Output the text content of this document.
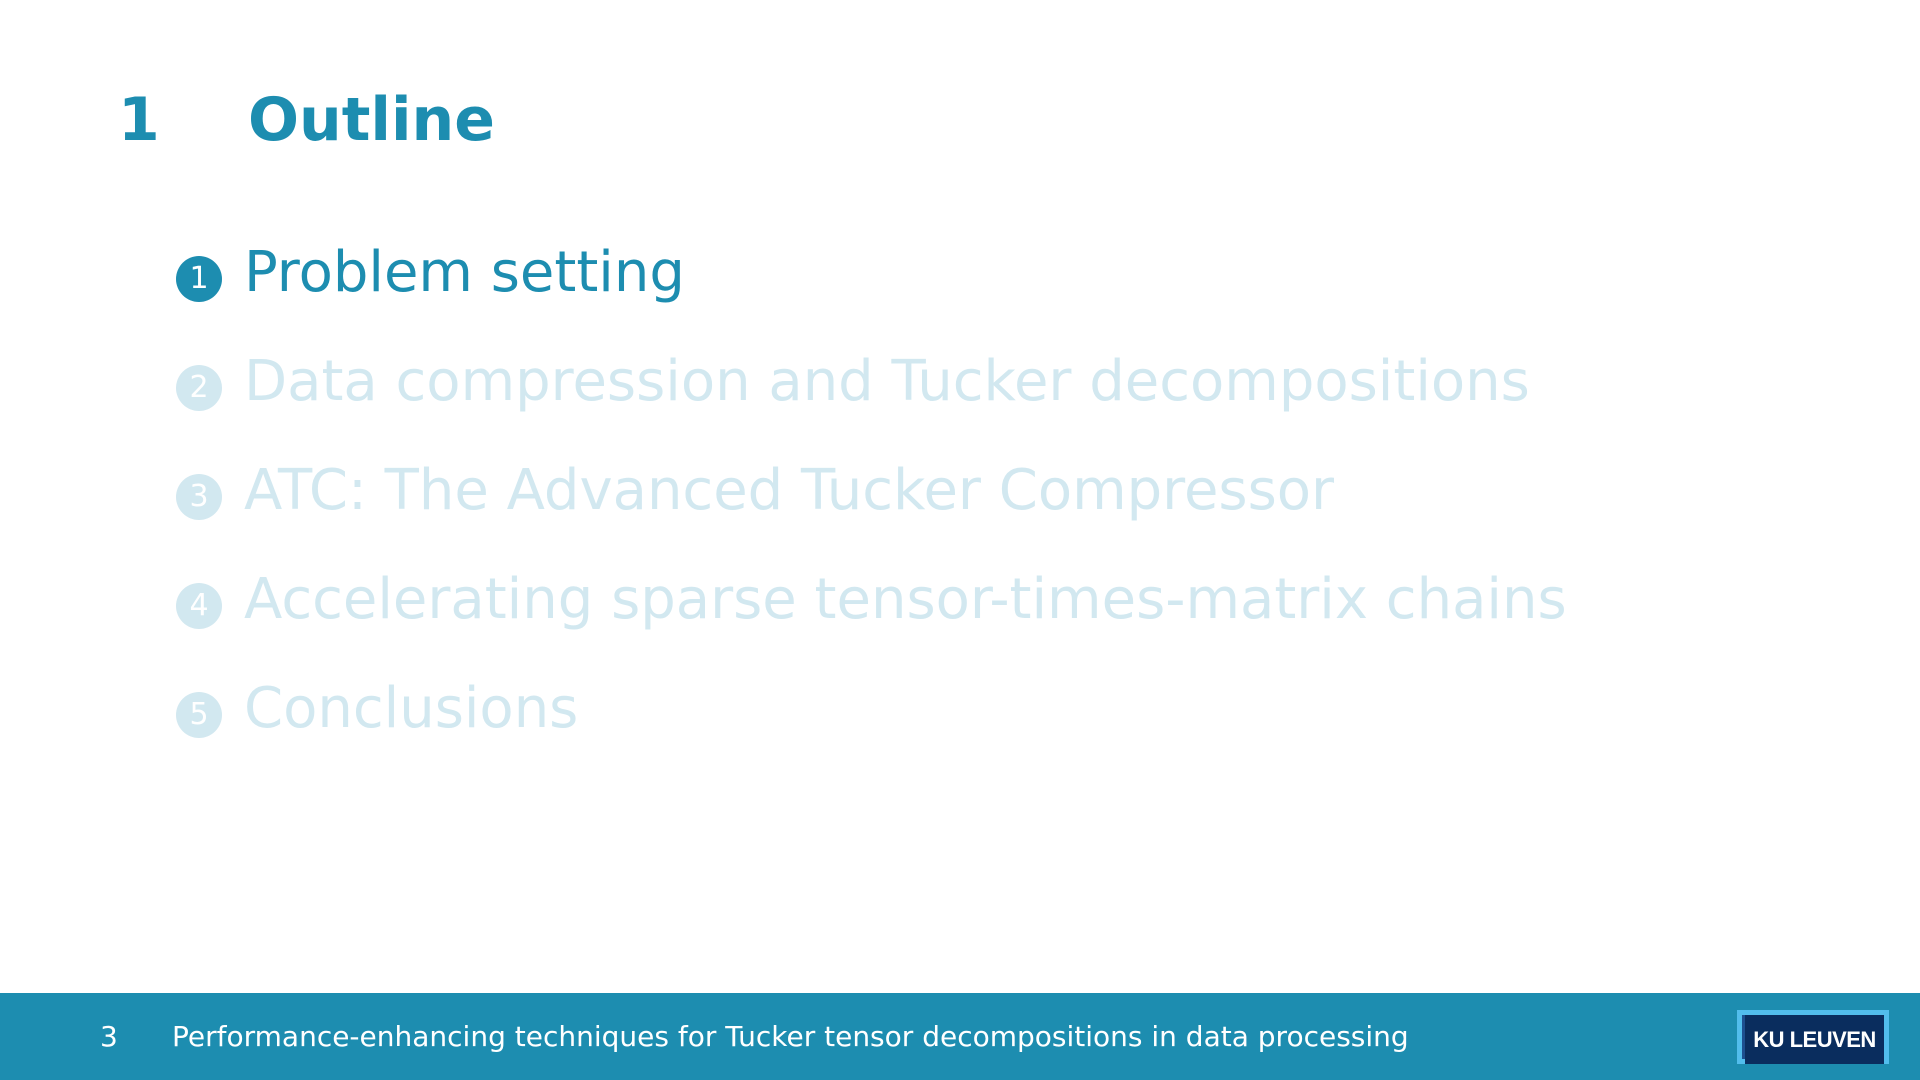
1	Outline
1 Problem setting
2 Data compression and Tucker decompositions
3 ATC: The Advanced Tucker Compressor
4 Accelerating sparse tensor-times-matrix chains
5 Conclusions
3 Performance-enhancing techniques for Tucker tensor decompositions in data processing	KU LEUVEN
